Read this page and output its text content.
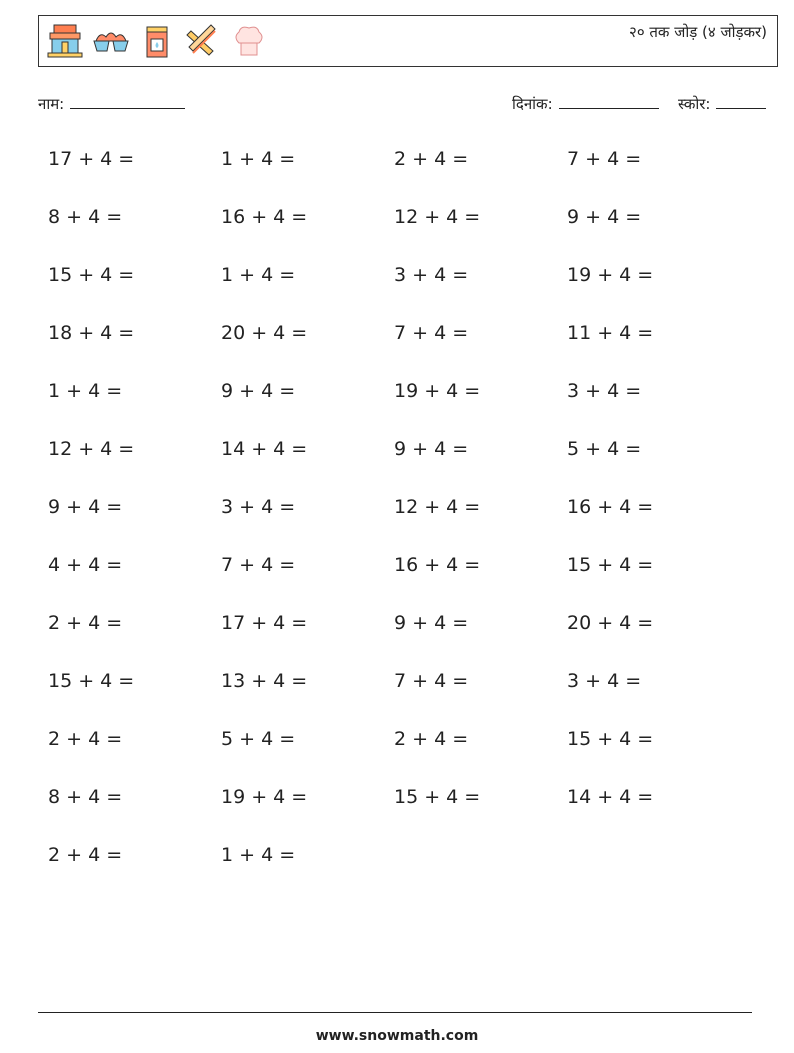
२० तक जोड़ (४ जोड़कर)
नाम:	दिनांक:	स्कोर:
17 + 4 =	1 + 4 =	2 + 4 =	7 + 4 =
8 + 4 =	16 + 4 =	12 + 4 =	9 + 4 =
15 + 4 =	1 + 4 =	3 + 4 =	19 + 4 =
18 + 4 =	20 + 4 =	7 + 4 =	11 + 4 =
1 + 4 =	9 + 4 =	19 + 4 =	3 + 4 =
12 + 4 =	14 + 4 =	9 + 4 =	5 + 4 =
9 + 4 =	3 + 4 =	12 + 4 =	16 + 4 =
4 + 4 =	7 + 4 =	16 + 4 =	15 + 4 =
2 + 4 =	17 + 4 =	9 + 4 =	20 + 4 =
15 + 4 =	13 + 4 =	7 + 4 =	3 + 4 =
2 + 4 =	5 + 4 =	2 + 4 =	15 + 4 =
8 + 4 =	19 + 4 =	15 + 4 =	14 + 4 =
2 + 4 =	1 + 4 =
www.snowmath.com
